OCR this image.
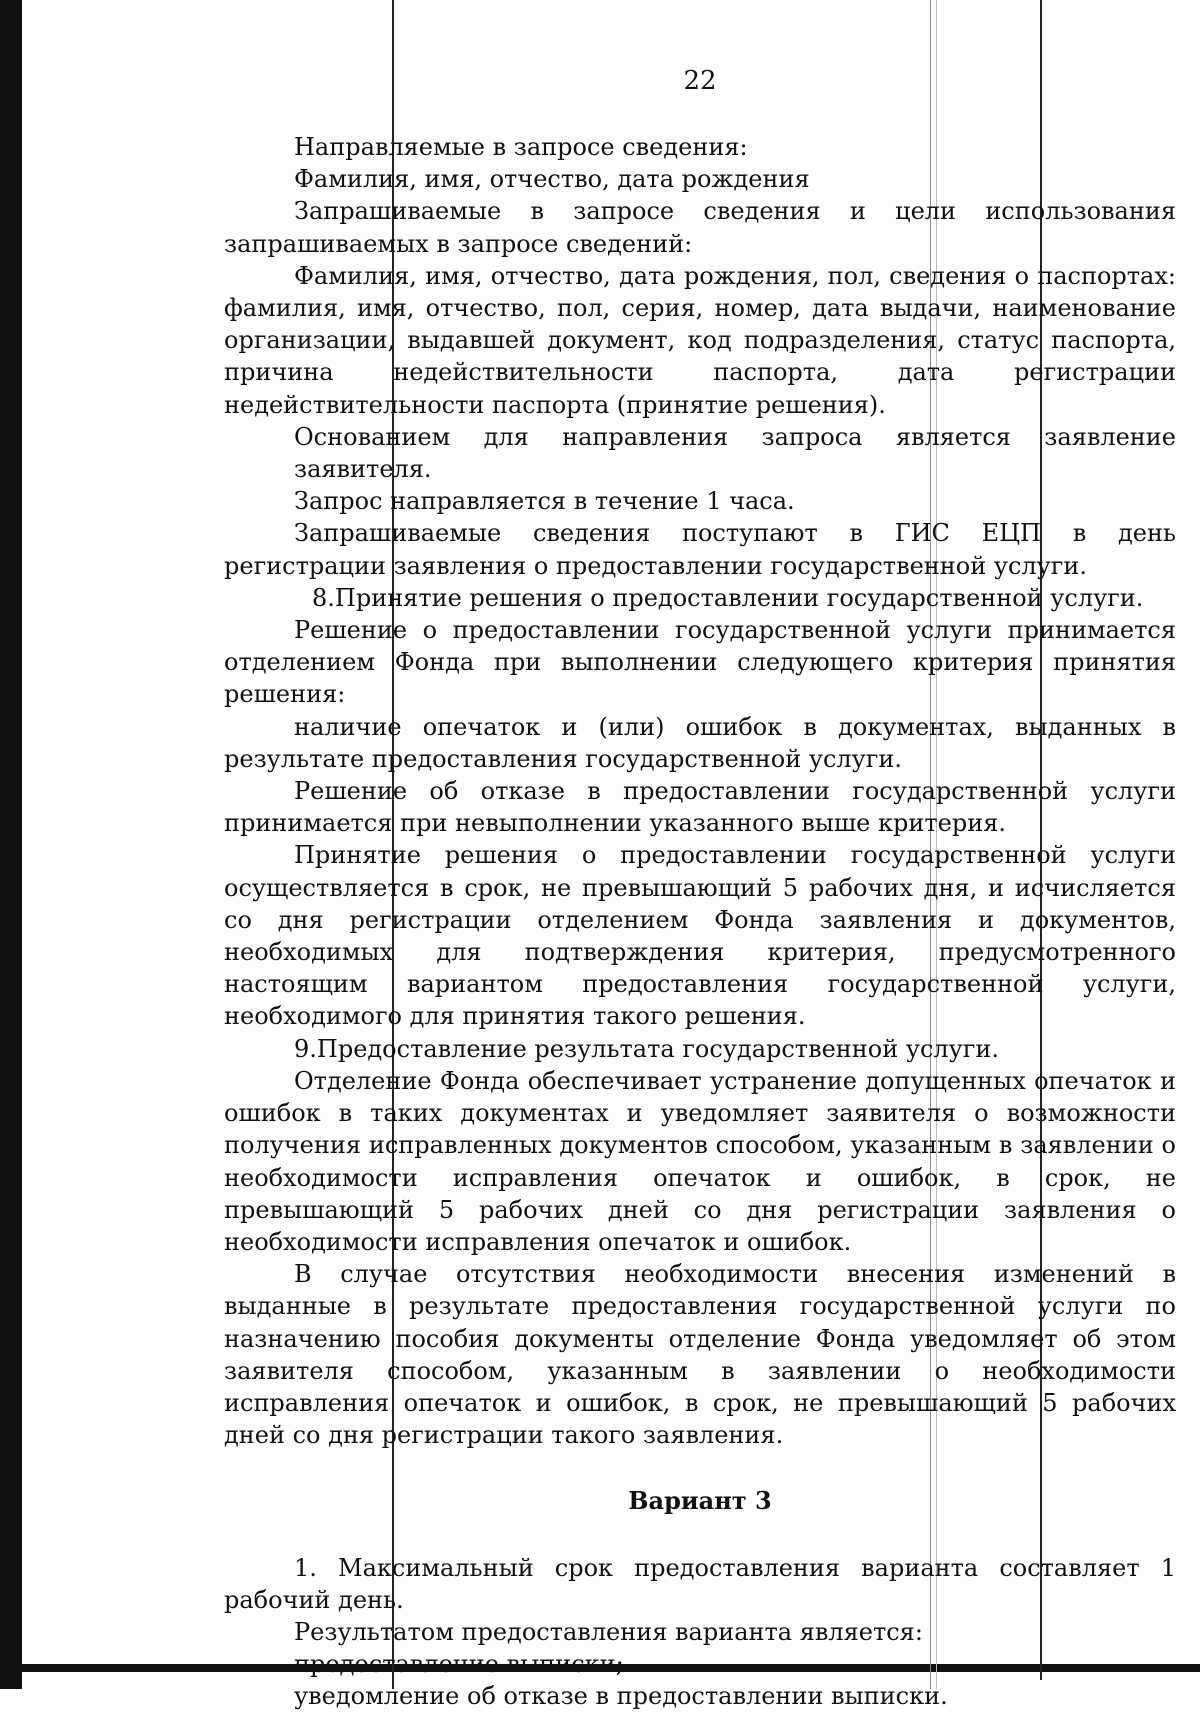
22

Направляемые в запросе сведения:

Фамилия, имя, отчество, дата рождения

Запрашиваемые в запросе сведения и цели использования запрашиваемых в запросе сведений:

Фамилия, имя, отчество, дата рождения, пол, сведения о паспортах: фамилия, имя, отчество, пол, серия, номер, дата выдачи, наименование организации, выдавшей документ, код подразделения, статус паспорта, причина недействительности паспорта, дата регистрации недействительности паспорта (принятие решения).

Основанием для направления запроса является заявление заявителя.

Запрос направляется в течение 1 часа.

Запрашиваемые сведения поступают в ГИС ЕЦП в день регистрации заявления о предоставлении государственной услуги.

8.Принятие решения о предоставлении государственной услуги.

Решение о предоставлении государственной услуги принимается отделением Фонда при выполнении следующего критерия принятия решения:

наличие опечаток и (или) ошибок в документах, выданных в результате предоставления государственной услуги.

Решение об отказе в предоставлении государственной услуги принимается при невыполнении указанного выше критерия.

Принятие решения о предоставлении государственной услуги осуществляется в срок, не превышающий 5 рабочих дня, и исчисляется со дня регистрации отделением Фонда заявления и документов, необходимых для подтверждения критерия, предусмотренного настоящим вариантом предоставления государственной услуги, необходимого для принятия такого решения.

9.Предоставление результата государственной услуги.

Отделение Фонда обеспечивает устранение допущенных опечаток и ошибок в таких документах и уведомляет заявителя о возможности получения исправленных документов способом, указанным в заявлении о необходимости исправления опечаток и ошибок, в срок, не превышающий 5 рабочих дней со дня регистрации заявления о необходимости исправления опечаток и ошибок.

В случае отсутствия необходимости внесения изменений в выданные в результате предоставления государственной услуги по назначению пособия документы отделение Фонда уведомляет об этом заявителя способом, указанным в заявлении о необходимости исправления опечаток и ошибок, в срок, не превышающий 5 рабочих дней со дня регистрации такого заявления.

Вариант 3

1. Максимальный срок предоставления варианта составляет 1 рабочий день.

Результатом предоставления варианта является:

предоставление выписки;

уведомление об отказе в предоставлении выписки.
